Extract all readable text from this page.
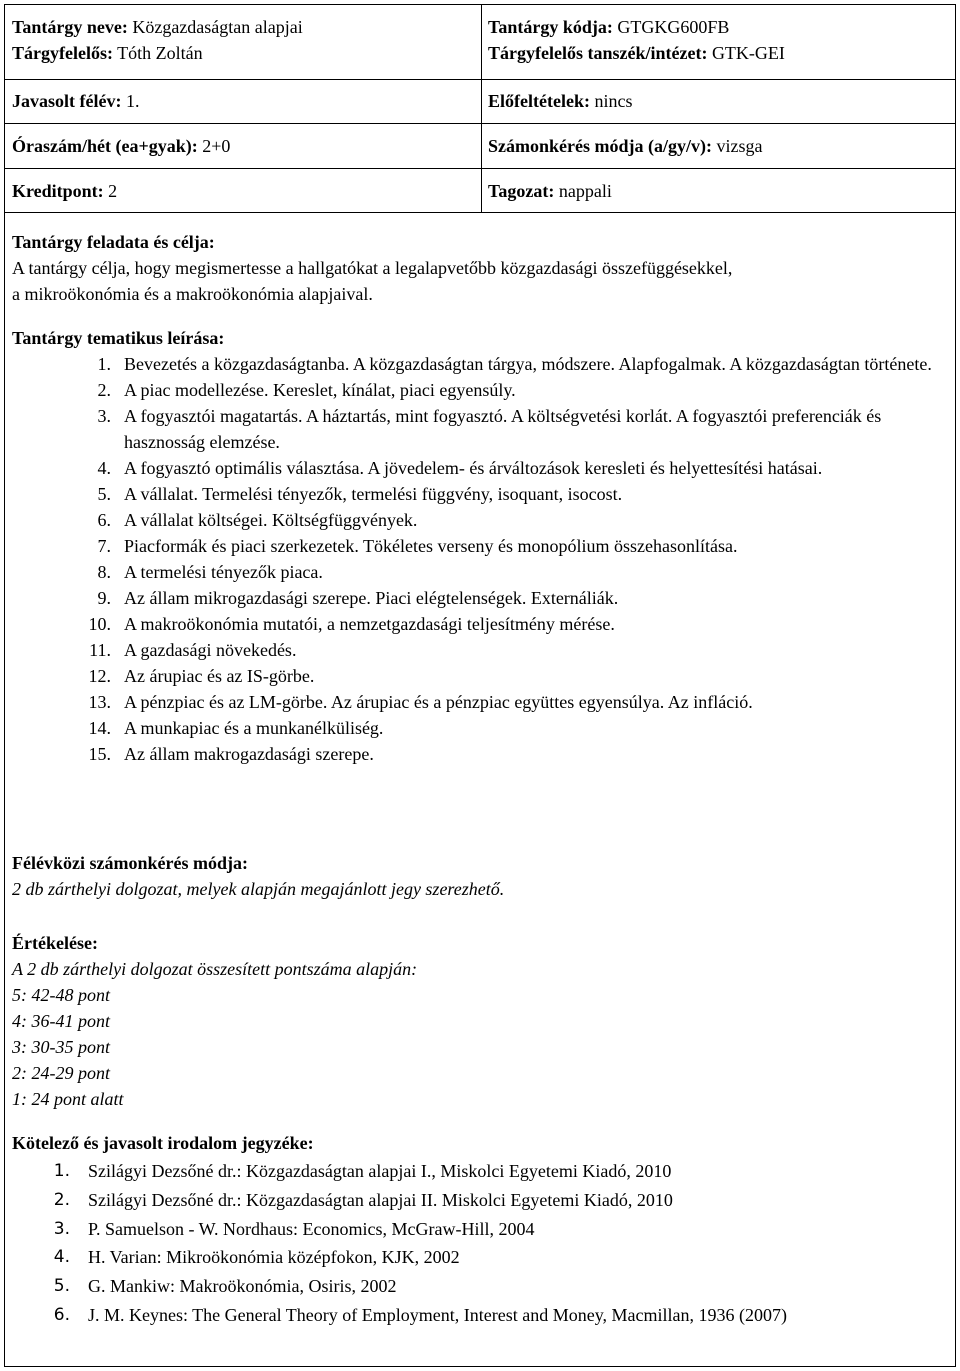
Tantárgy neve: Közgazdaságtan alapjai
Tárgyfelelős: Tóth Zoltán
Javasolt félév: 1.
Óraszám/hét (ea+gyak): 2+0
Kreditpont: 2
Tantárgy kódja: GTGKG600FB
Tárgyfelelős tanszék/intézet: GTK-GEI
Előfeltételek: nincs
Számonkérés módja (a/gy/v): vizsga
Tagozat: nappali
Tantárgy feladata és célja:
A tantárgy célja, hogy megismertesse a hallgatókat a legalapvetőbb közgazdasági összefüggésekkel,
a mikroökonómia és a makroökonómia alapjaival.
Tantárgy tematikus leírása:
1. Bevezetés a közgazdaságtanba. A közgazdaságtan tárgya, módszere. Alapfogalmak. A közgazdaságtan története.
2. A piac modellezése. Kereslet, kínálat, piaci egyensúly.
3. A fogyasztói magatartás. A háztartás, mint fogyasztó. A költségvetési korlát. A fogyasztói preferenciák és hasznosság elemzése.
4. A fogyasztó optimális választása. A jövedelem- és árváltozások keresleti és helyettesítési hatásai.
5. A vállalat. Termelési tényezők, termelési függvény, isoquant, isocost.
6. A vállalat költségei. Költségfüggvények.
7. Piacformák és piaci szerkezetek. Tökéletes verseny és monopólium összehasonlítása.
8. A termelési tényezők piaca.
9. Az állam mikrogazdasági szerepe. Piaci elégtelenségek. Externáliák.
10. A makroökonómia mutatói, a nemzetgazdasági teljesítmény mérése.
11. A gazdasági növekedés.
12. Az árupiac és az IS-görbe.
13. A pénzpiac és az LM-görbe. Az árupiac és a pénzpiac együttes egyensúlya. Az infláció.
14. A munkapiac és a munkanélküliség.
15. Az állam makrogazdasági szerepe.
Félévközi számonkérés módja:
2 db zárthelyi dolgozat, melyek alapján megajánlott jegy szerezhető.
Értékelése:
A 2 db zárthelyi dolgozat összesített pontszáma alapján:
5: 42-48 pont
4: 36-41 pont
3: 30-35 pont
2: 24-29 pont
1: 24 pont alatt
Kötelező és javasolt irodalom jegyzéke:
1. Szilágyi Dezsőné dr.: Közgazdaságtan alapjai I., Miskolci Egyetemi Kiadó, 2010
2. Szilágyi Dezsőné dr.: Közgazdaságtan alapjai II. Miskolci Egyetemi Kiadó, 2010
3. P. Samuelson - W. Nordhaus: Economics, McGraw-Hill, 2004
4. H. Varian: Mikroökonómia középfokon, KJK, 2002
5. G. Mankiw: Makroökonómia, Osiris, 2002
6. J. M. Keynes: The General Theory of Employment, Interest and Money, Macmillan, 1936 (2007)
